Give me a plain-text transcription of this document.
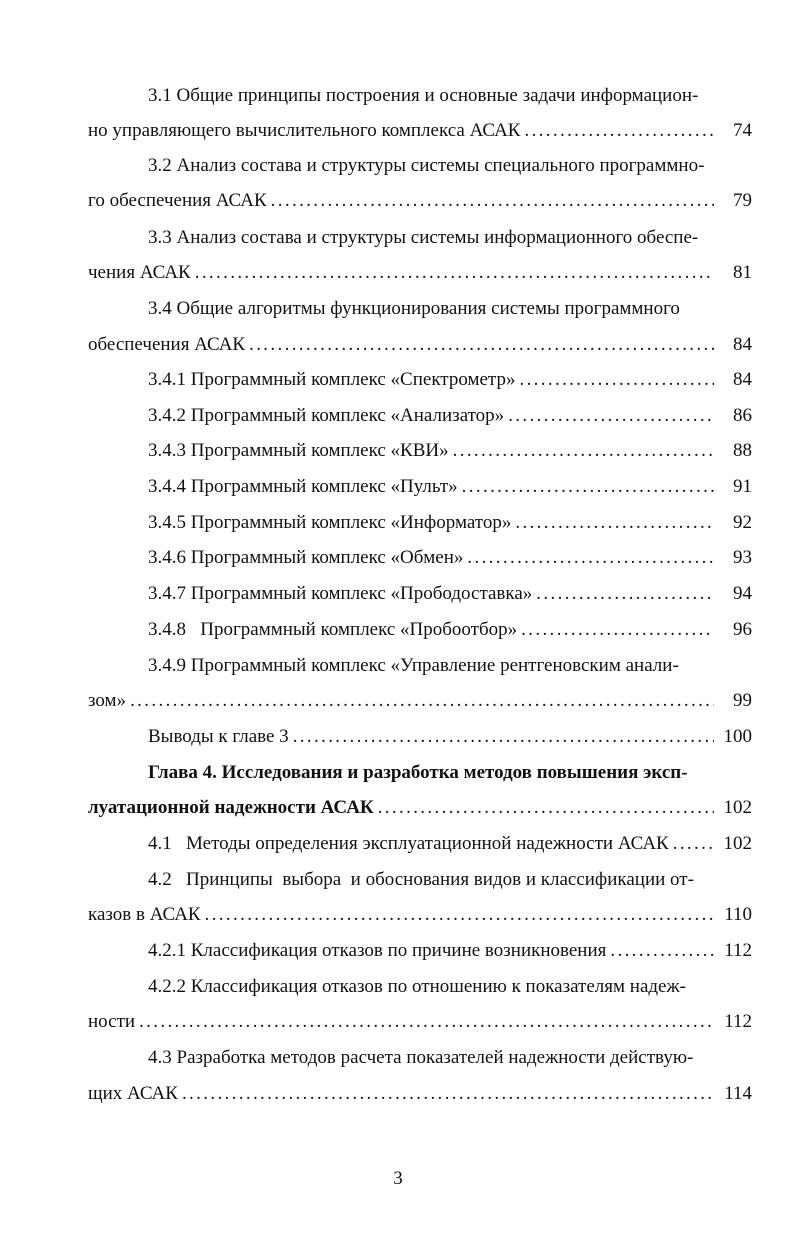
3.1 Общие принципы построения и основные задачи информацион-
но управляющего вычислительного комплекса АСАК . . .	74
3.2 Анализ состава и структуры системы специального программно-
го обеспечения АСАК . . .	79
3.3 Анализ состава и структуры системы информационного обеспе-
чения АСАК . . .	81
3.4 Общие алгоритмы функционирования системы программного
обеспечения АСАК . . .	84
3.4.1 Программный комплекс «Спектрометр» . . .	84
3.4.2 Программный комплекс «Анализатор» . . .	86
3.4.3 Программный комплекс «КВИ» . . .	88
3.4.4 Программный комплекс «Пульт» . . .	91
3.4.5 Программный комплекс «Информатор» . . .	92
3.4.6 Программный комплекс «Обмен» . . .	93
3.4.7 Программный комплекс «Прободоставка» . . .	94
3.4.8   Программный комплекс «Пробоотбор» . . .	96
3.4.9 Программный комплекс «Управление рентгеновским анали-
зом» . . .	99
Выводы к главе 3 . . .	100
Глава 4. Исследования и разработка методов повышения эксп-
луатационной надежности АСАК . . .	102
4.1   Методы определения эксплуатационной надежности АСАК . . .	102
4.2   Принципы  выбора  и обоснования видов и классификации от-
казов в АСАК . . .	110
4.2.1 Классификация отказов по причине возникновения . . .	112
4.2.2 Классификация отказов по отношению к показателям надеж-
ности . . .	112
4.3 Разработка методов расчета показателей надежности действую-
щих АСАК . . .	114
3
